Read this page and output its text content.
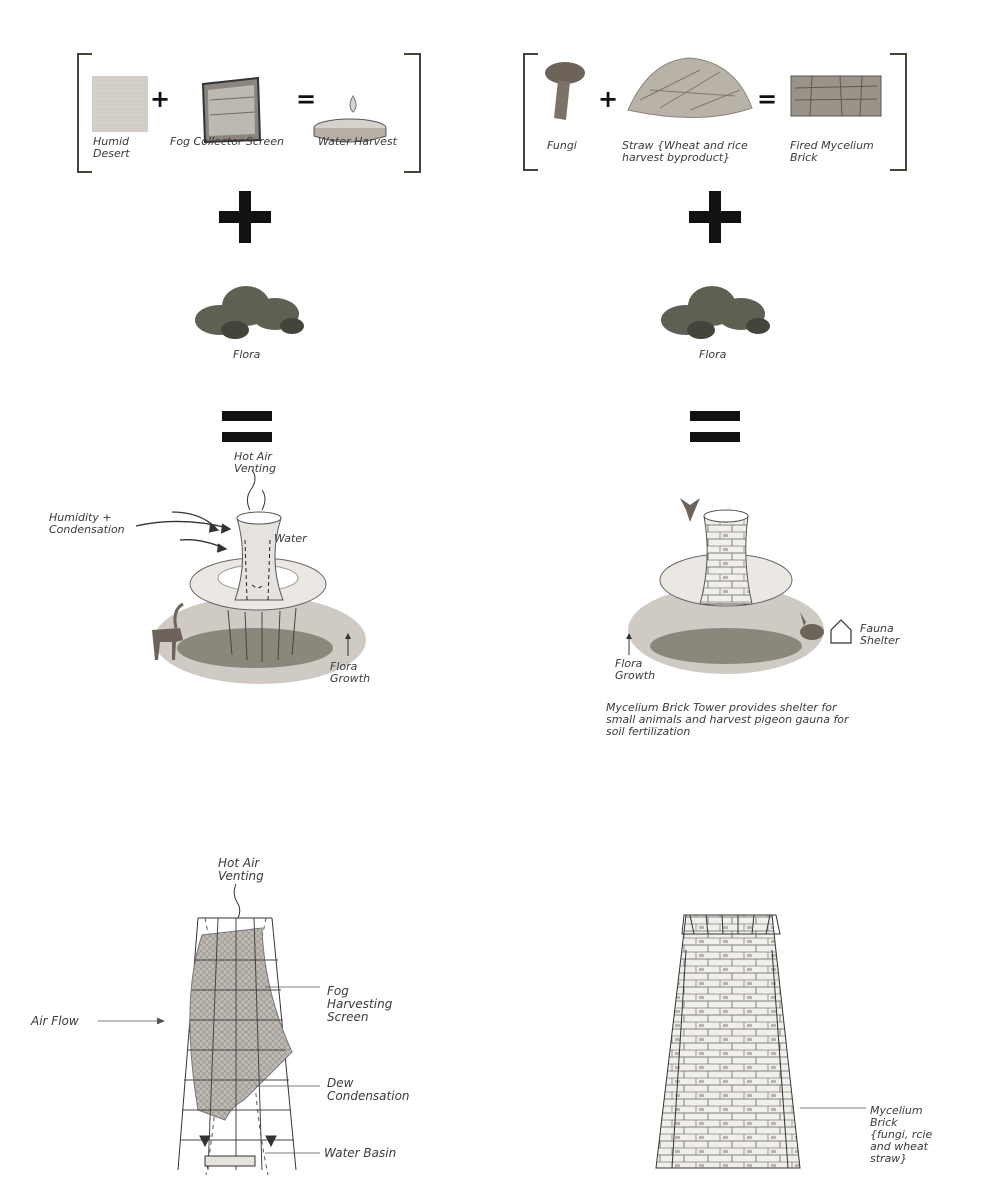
Humid
Desert
+
Fog Collector Screen
=
Water Harvest	Fungi
+
Straw {Wheat and rice
harvest byproduct}
=
Fired Mycelium
Brick
Flora	Flora
Hot Air
Venting
Humidity +
Condensation
Water
Flora
Growth
Fauna
Shelter
Flora
Growth
Mycelium Brick Tower provides shelter for
small animals and harvest pigeon gauna for
soil fertilization
Hot Air
Venting
Air Flow
Fog
Harvesting
Screen
Dew
Condensation
Water Basin
Mycelium
Brick
{fungi, rcie
and wheat
straw}
